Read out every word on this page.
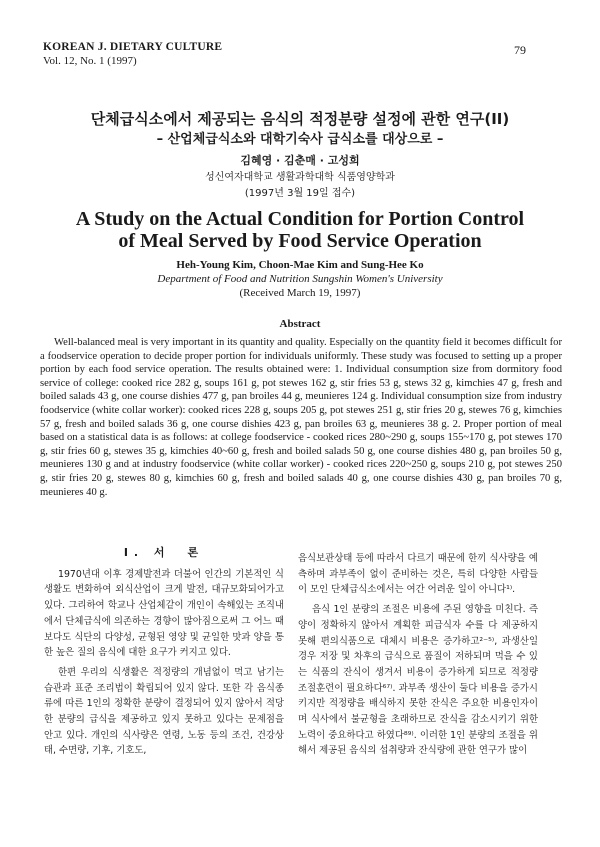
KOREAN J. DIETARY CULTURE
Vol. 12, No. 1 (1997)
79
단체급식소에서 제공되는 음식의 적정분량 설정에 관한 연구(II)
– 산업체급식소와 대학기숙사 급식소를 대상으로 –
김혜영 · 김춘매 · 고성희
성신여자대학교 생활과학대학 식품영양학과
(1997년 3월 19일 접수)
A Study on the Actual Condition for Portion Control
of Meal Served by Food Service Operation
Heh-Young Kim, Choon-Mae Kim and Sung-Hee Ko
Department of Food and Nutrition Sungshin Women's University
(Received March 19, 1997)
Abstract
Well-balanced meal is very important in its quantity and quality. Especially on the quantity field it becomes difficult for a foodservice operation to decide proper portion for individuals uniformly. These study was focused to setting up a proper portion by each food service operation. The results obtained were: 1. Individual consumption size from dormitory food service of college: cooked rice 282 g, soups 161 g, pot stewes 162 g, stir fries 53 g, stews 32 g, kimchies 47 g, fresh and boiled salads 43 g, one course dishies 477 g, pan broiles 44 g, meunieres 124 g. Individual consumption size from industry foodservice (white collar worker): cooked rices 228 g, soups 205 g, pot stewes 251 g, stir fries 20 g, stewes 76 g, kimchies 57 g, fresh and boiled salads 36 g, one course dishies 423 g, pan broiles 63 g, meunieres 38 g. 2. Proper portion of meal based on a statistical data is as follows: at college foodservice - cooked rices 280~290 g, soups 155~170 g, pot stewes 170 g, stir fries 60 g, stewes 35 g, kimchies 40~60 g, fresh and boiled salads 50 g, one course dishies 480 g, pan broiles 50 g, meunieres 130 g and at industry foodservice (white collar worker) - cooked rices 220~250 g, soups 210 g, pot stewes 250 g, stir fries 20 g, stewes 80 g, kimchies 60 g, fresh and boiled salads 40 g, one course dishies 430 g, pan broiles 70 g, meunieres 40 g.
I. 서　론

1970년대 이후 경제발전과 더불어 인간의 기본적인 식생활도 변화하여 외식산업이 크게 발전, 대규모화되어가고 있다. 그리하여 학교나 산업체같이 개인이 속해있는 조직내에서 단체급식에 의존하는 경향이 많아짐으로써 그 어느 때보다도 식단의 다양성, 균형된 영양 및 균일한 맛과 양을 통한 높은 질의 음식에 대한 요구가 커지고 있다.

한편 우리의 식생활은 적정량의 개념없이 먹고 남기는 습관과 표준 조리법이 확립되어 있지 않다. 또한 각 음식종류에 따른 1인의 정확한 분량이 결정되어 있지 않아서 적당한 분량의 급식을 제공하고 있지 못하고 있다는 문제점을 안고 있다. 개인의 식사량은 연령, 노동 등의 조건, 건강상태, 수면량, 기후, 기호도,

음식보관상태 등에 따라서 다르기 때문에 한끼 식사량을 예측하며 과부족이 없이 준비하는 것은, 특히 다양한 사람들이 모인 단체급식소에서는 여간 어려운 일이 아니다¹⁾.

음식 1인 분량의 조절은 비용에 주된 영향을 미친다. 즉 양이 정확하지 않아서 계획한 피급식자 수를 다 제공하지 못해 편의식품으로 대체시 비용은 증가하고²⁻⁵⁾, 과생산일 경우 저장 및 차후의 급식으로 품질이 저하되며 먹을 수 있는 식품의 잔식이 생겨서 비용이 증가하게 되므로 적정량 조절훈련이 필요하다⁶⁷⁾. 과부족 생산이 둘다 비용을 증가시키지만 적정량을 배식하지 못한 잔식은 주요한 비용인자이며 식사에서 불균형을 초래하므로 잔식을 감소시키기 위한 노력이 중요하다고 하였다⁸⁹⁾. 이러한 1인 분량의 조절을 위해서 제공된 음식의 섭취량과 잔식량에 관한 연구가 많이
